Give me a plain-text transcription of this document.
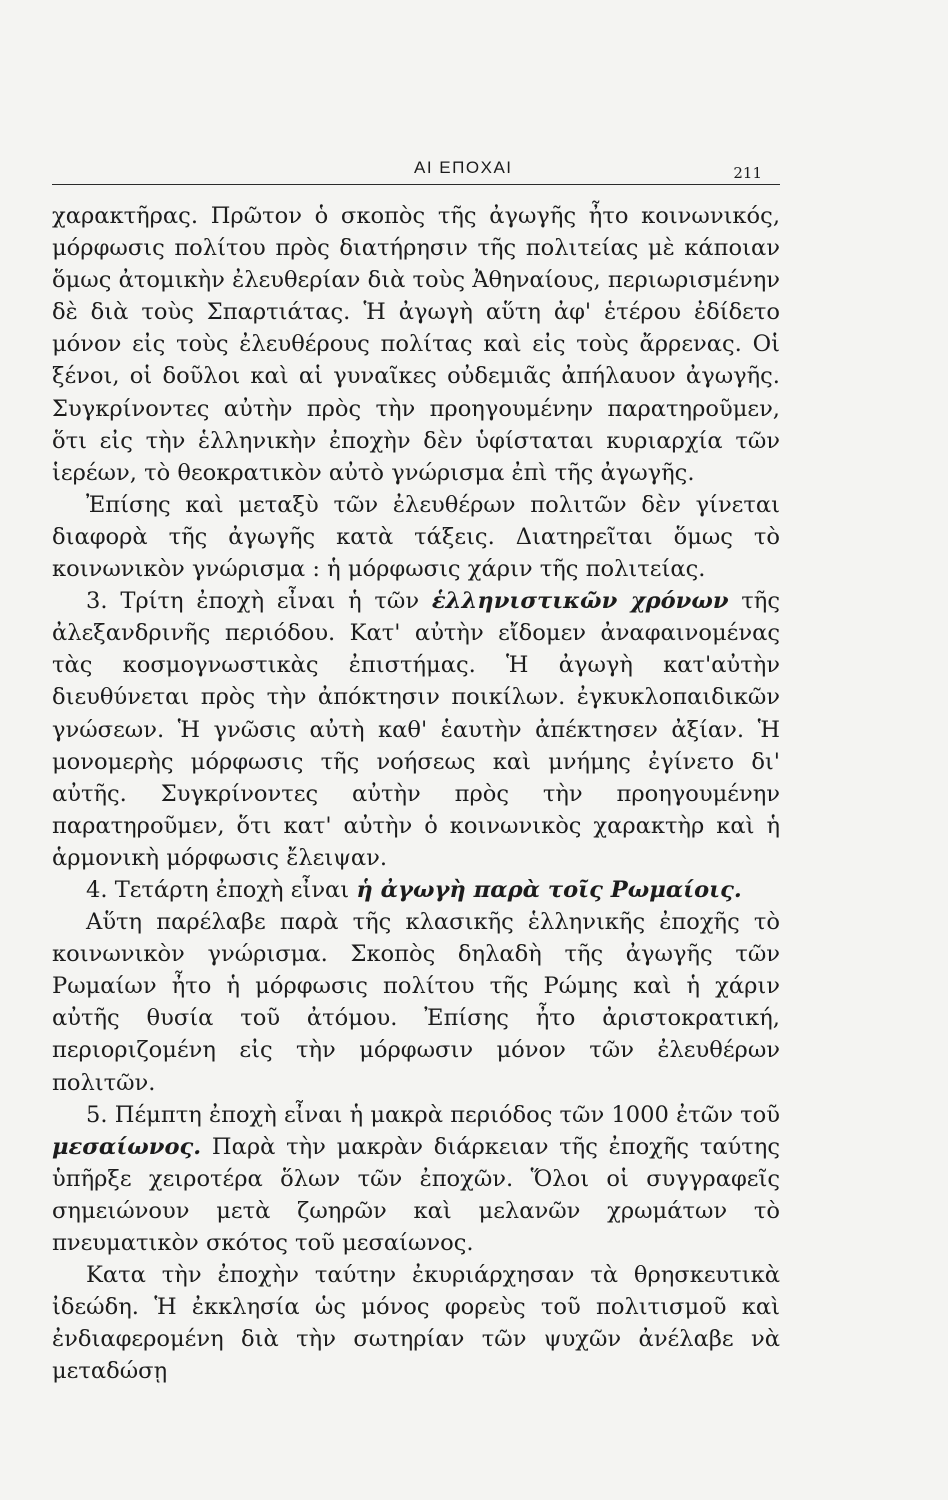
ΑΙ ΕΠΟΧΑΙ	211

χαρακτῆρας. Πρῶτον ὁ σκοπὸς τῆς ἀγωγῆς ἦτο κοινωνικός, μόρφωσις πολίτου πρὸς διατήρησιν τῆς πολιτείας μὲ κάποιαν ὅμως ἀτομικὴν ἐλευθερίαν διὰ τοὺς Ἀθηναίους, περιωρισμένην δὲ διὰ τοὺς Σπαρτιάτας. Ἡ ἀγωγὴ αὕτη ἀφ' ἑτέρου ἐδίδετο μόνον εἰς τοὺς ἐλευθέρους πολίτας καὶ εἰς τοὺς ἄρρενας. Οἱ ξένοι, οἱ δοῦλοι καὶ αἱ γυναῖκες οὐδεμιᾶς ἀπήλαυον ἀγωγῆς. Συγκρίνοντες αὐτὴν πρὸς τὴν προηγουμένην παρατηροῦμεν, ὅτι εἰς τὴν ἑλληνικὴν ἐποχὴν δὲν ὑφίσταται κυριαρχία τῶν ἱερέων, τὸ θεοκρατικὸν αὐτὸ γνώρισμα ἐπὶ τῆς ἀγωγῆς.

Ἐπίσης καὶ μεταξὺ τῶν ἐλευθέρων πολιτῶν δὲν γίνεται διαφορὰ τῆς ἀγωγῆς κατὰ τάξεις. Διατηρεῖται ὅμως τὸ κοινωνικὸν γνώρισμα : ἡ μόρφωσις χάριν τῆς πολιτείας.

3. Τρίτη ἐποχὴ εἶναι ἡ τῶν ἑλληνιστικῶν χρόνων τῆς ἀλεξανδρινῆς περιόδου. Κατ' αὐτὴν εἴδομεν ἀναφαινομένας τὰς κοσμογνωστικὰς ἐπιστήμας. Ἡ ἀγωγὴ κατ'αὐτὴν διευθύνεται πρὸς τὴν ἀπόκτησιν ποικίλων. ἐγκυκλοπαιδικῶν γνώσεων. Ἡ γνῶσις αὐτὴ καθ' ἑαυτὴν ἀπέκτησεν ἀξίαν. Ἡ μονομερὴς μόρφωσις τῆς νοήσεως καὶ μνήμης ἐγίνετο δι' αὐτῆς. Συγκρίνοντες αὐτὴν πρὸς τὴν προηγουμένην παρατηροῦμεν, ὅτι κατ' αὐτὴν ὁ κοινωνικὸς χαρακτὴρ καὶ ἡ ἁρμονικὴ μόρφωσις ἔλειψαν.

4. Τετάρτη ἐποχὴ εἶναι ἡ ἀγωγὴ παρὰ τοῖς Ρωμαίοις.

Αὕτη παρέλαβε παρὰ τῆς κλασικῆς ἑλληνικῆς ἐποχῆς τὸ κοινωνικὸν γνώρισμα. Σκοπὸς δηλαδὴ τῆς ἀγωγῆς τῶν Ρωμαίων ἦτο ἡ μόρφωσις πολίτου τῆς Ρώμης καὶ ἡ χάριν αὐτῆς θυσία τοῦ ἀτόμου. Ἐπίσης ἦτο ἀριστοκρατική, περιοριζομένη εἰς τὴν μόρφωσιν μόνον τῶν ἐλευθέρων πολιτῶν.

5. Πέμπτη ἐποχὴ εἶναι ἡ μακρὰ περιόδος τῶν 1000 ἐτῶν τοῦ μεσαίωνος. Παρὰ τὴν μακρὰν διάρκειαν τῆς ἐποχῆς ταύτης ὑπῆρξε χειροτέρα ὅλων τῶν ἐποχῶν. Ὅλοι οἱ συγγραφεῖς σημειώνουν μετὰ ζωηρῶν καὶ μελανῶν χρωμάτων τὸ πνευματικὸν σκότος τοῦ μεσαίωνος.

Κατα τὴν ἐποχὴν ταύτην ἐκυριάρχησαν τὰ θρησκευτικὰ ἰδεώδη. Ἡ ἐκκλησία ὡς μόνος φορεὺς τοῦ πολιτισμοῦ καὶ ἐνδιαφερομένη διὰ τὴν σωτηρίαν τῶν ψυχῶν ἀνέλαβε νὰ μεταδώσῃ
